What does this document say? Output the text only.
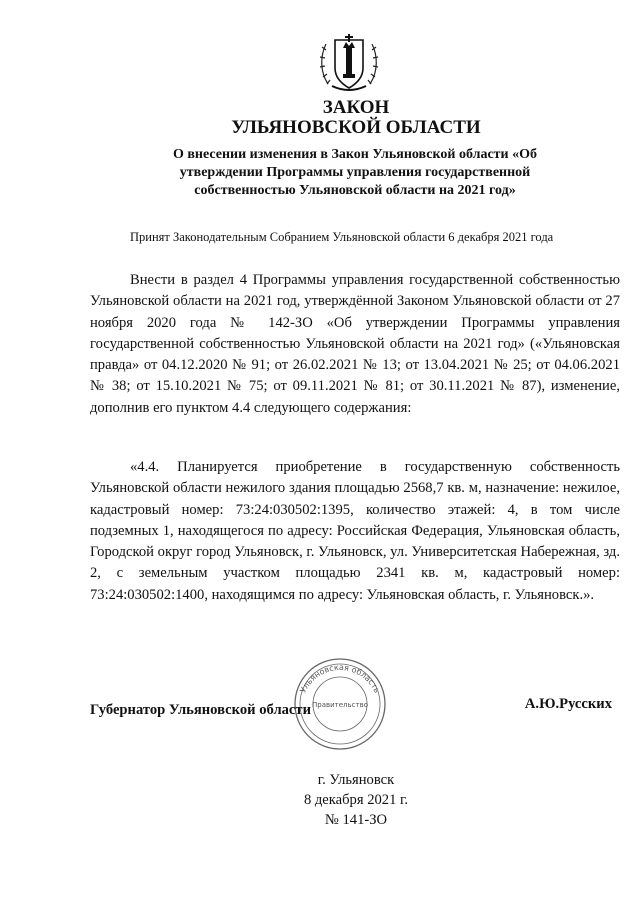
ЗАКОН
УЛЬЯНОВСКОЙ ОБЛАСТИ

О внесении изменения в Закон Ульяновской области «Об утверждении Программы управления государственной собственностью Ульяновской области на 2021 год»

Принят Законодательным Собранием Ульяновской области 6 декабря 2021 года

Внести в раздел 4 Программы управления государственной собственностью Ульяновской области на 2021 год, утверждённой Законом Ульяновской области от 27 ноября 2020 года № 142-ЗО «Об утверждении Программы управления государственной собственностью Ульяновской области на 2021 год» («Ульяновская правда» от 04.12.2020 № 91; от 26.02.2021 № 13; от 13.04.2021 № 25; от 04.06.2021 № 38; от 15.10.2021 № 75; от 09.11.2021 № 81; от 30.11.2021 № 87), изменение, дополнив его пунктом 4.4 следующего содержания:

«4.4. Планируется приобретение в государственную собственность Ульяновской области нежилого здания площадью 2568,7 кв. м, назначение: нежилое, кадастровый номер: 73:24:030502:1395, количество этажей: 4, в том числе подземных 1, находящегося по адресу: Российская Федерация, Ульяновская область, Городской округ город Ульяновск, г. Ульяновск, ул. Университетская Набережная, зд. 2, с земельным участком площадью 2341 кв. м, кадастровый номер: 73:24:030502:1400, находящимся по адресу: Ульяновская область, г. Ульяновск.».

Ульяновская область
Правительство

Губернатор Ульяновской области	А.Ю.Русских

г. Ульяновск

8 декабря 2021 г.

№ 141-ЗО
